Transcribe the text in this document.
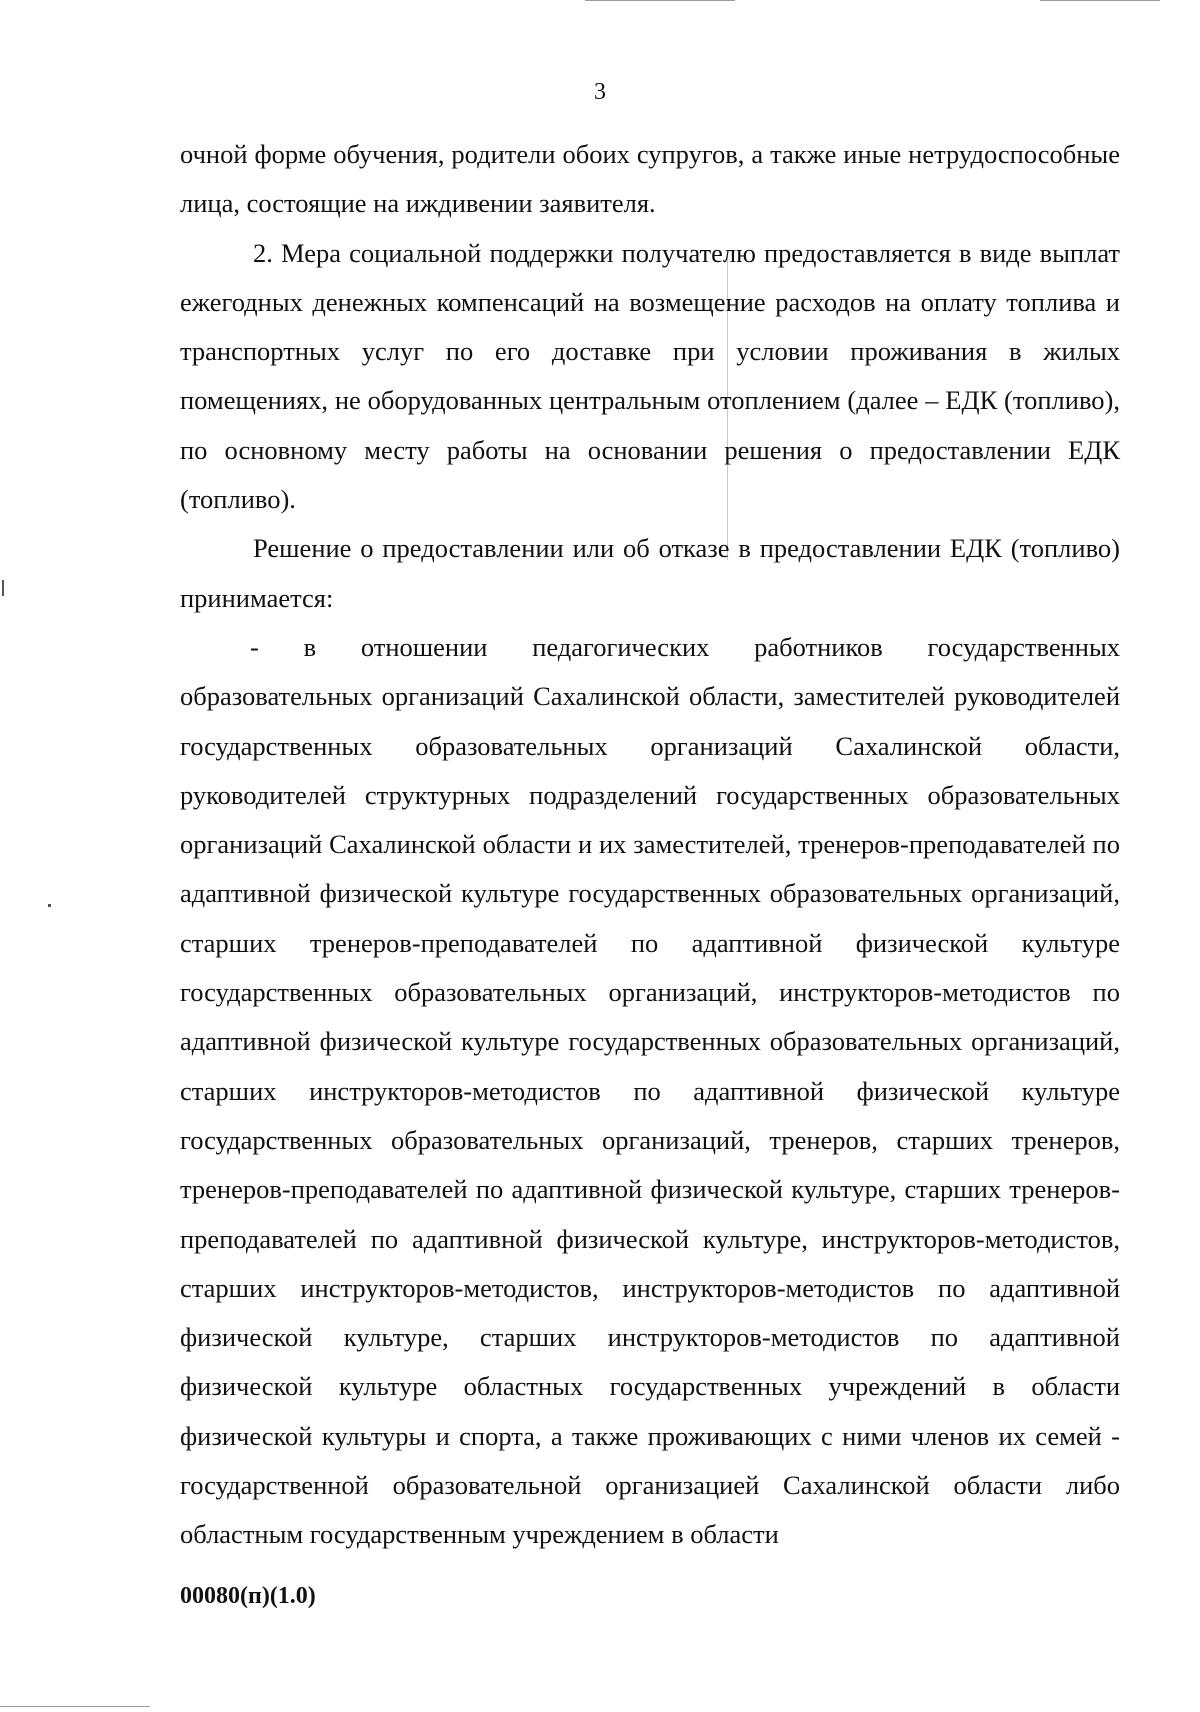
3

очной форме обучения, родители обоих супругов, а также иные нетрудоспособные лица, состоящие на иждивении заявителя.

2. Мера социальной поддержки получателю предоставляется в виде выплат ежегодных денежных компенсаций на возмещение расходов на оплату топлива и транспортных услуг по его доставке при условии проживания в жилых помещениях, не оборудованных центральным отоплением (далее – ЕДК (топливо), по основному месту работы на основании решения о предоставлении ЕДК (топливо).

Решение о предоставлении или об отказе в предоставлении ЕДК (топливо) принимается:

- в отношении педагогических работников государственных образовательных организаций Сахалинской области, заместителей руководителей государственных образовательных организаций Сахалинской области, руководителей структурных подразделений государственных образовательных организаций Сахалинской области и их заместителей, тренеров-преподавателей по адаптивной физической культуре государственных образовательных организаций, старших тренеров-преподавателей по адаптивной физической культуре государственных образовательных организаций, инструкторов-методистов по адаптивной физической культуре государственных образовательных организаций, старших инструкторов-методистов по адаптивной физической культуре государственных образовательных организаций, тренеров, старших тренеров, тренеров-преподавателей по адаптивной физической культуре, старших тренеров-преподавателей по адаптивной физической культуре, инструкторов-методистов, старших инструкторов-методистов, инструкторов-методистов по адаптивной физической культуре, старших инструкторов-методистов по адаптивной физической культуре областных государственных учреждений в области физической культуры и спорта, а также проживающих с ними членов их семей - государственной образовательной организацией Сахалинской области либо областным государственным учреждением в области

00080(п)(1.0)
